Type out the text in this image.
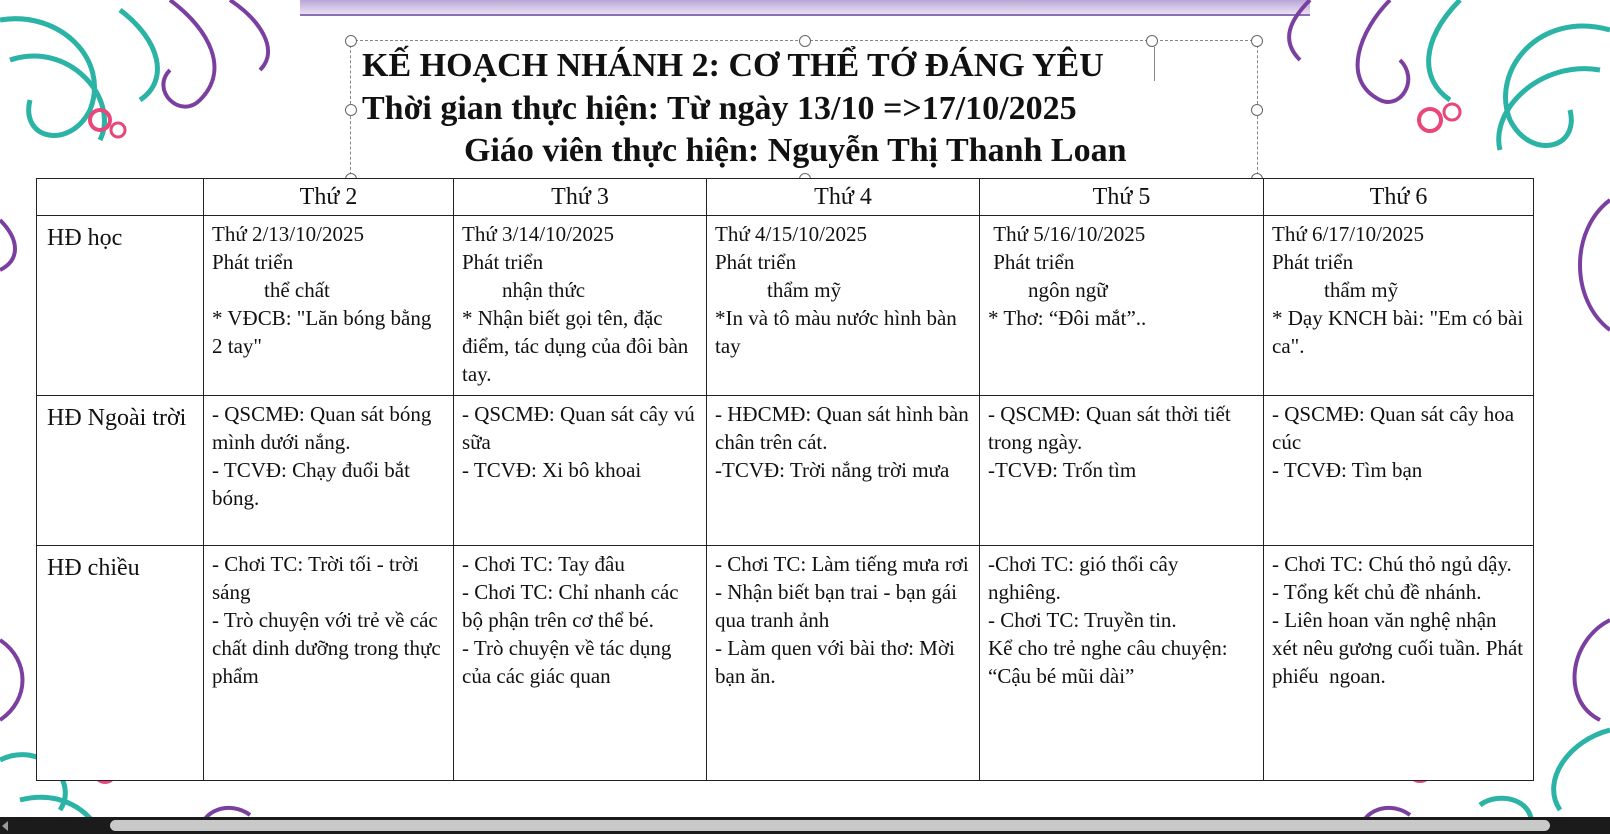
KẾ HOẠCH NHÁNH 2: CƠ THỂ TỚ ĐÁNG YÊU
Thời gian thực hiện: Từ ngày 13/10 =>17/10/2025
Giáo viên thực hiện: Nguyễn Thị Thanh Loan
	Thứ 2	Thứ 3	Thứ 4	Thứ 5	Thứ 6
HĐ học	Thứ 2/13/10/2025
Phát triển
thể chất
* VĐCB: "Lăn bóng bằng 2 tay"	Thứ 3/14/10/2025
Phát triển
nhận thức
* Nhận biết gọi tên, đặc điểm, tác dụng của đôi bàn tay.	Thứ 4/15/10/2025
Phát triển
thẩm mỹ
*In và tô màu nước hình bàn tay	Thứ 5/16/10/2025
Phát triển
ngôn ngữ
* Thơ: “Đôi mắt”..	Thứ 6/17/10/2025
Phát triển
thẩm mỹ
* Dạy KNCH bài: "Em có bài ca".

HĐ Ngoài trời	- QSCMĐ: Quan sát bóng mình dưới nắng.
- TCVĐ: Chạy đuổi bắt bóng.	- QSCMĐ: Quan sát cây vú sữa
- TCVĐ: Xi bô khoai	- HĐCMĐ: Quan sát hình bàn chân trên cát.
-TCVĐ: Trời nắng trời mưa	- QSCMĐ: Quan sát thời tiết trong ngày.
-TCVĐ: Trốn tìm	- QSCMĐ: Quan sát cây hoa cúc
- TCVĐ: Tìm bạn

HĐ chiều	- Chơi TC: Trời tối - trời sáng
- Trò chuyện với trẻ về các chất dinh dưỡng trong thực phẩm	- Chơi TC: Tay đâu
- Chơi TC: Chỉ nhanh các bộ phận trên cơ thể bé.
- Trò chuyện về tác dụng của các giác quan	- Chơi TC: Làm tiếng mưa rơi
- Nhận biết bạn trai - bạn gái qua tranh ảnh
- Làm quen với bài thơ: Mời bạn ăn.	-Chơi TC: gió thổi cây nghiêng.
- Chơi TC: Truyền tin.
Kể cho trẻ nghe câu chuyện: “Cậu bé mũi dài”	- Chơi TC: Chú thỏ ngủ dậy.
- Tổng kết chủ đề nhánh.
- Liên hoan văn nghệ nhận xét nêu gương cuối tuần. Phát phiếu  ngoan.
